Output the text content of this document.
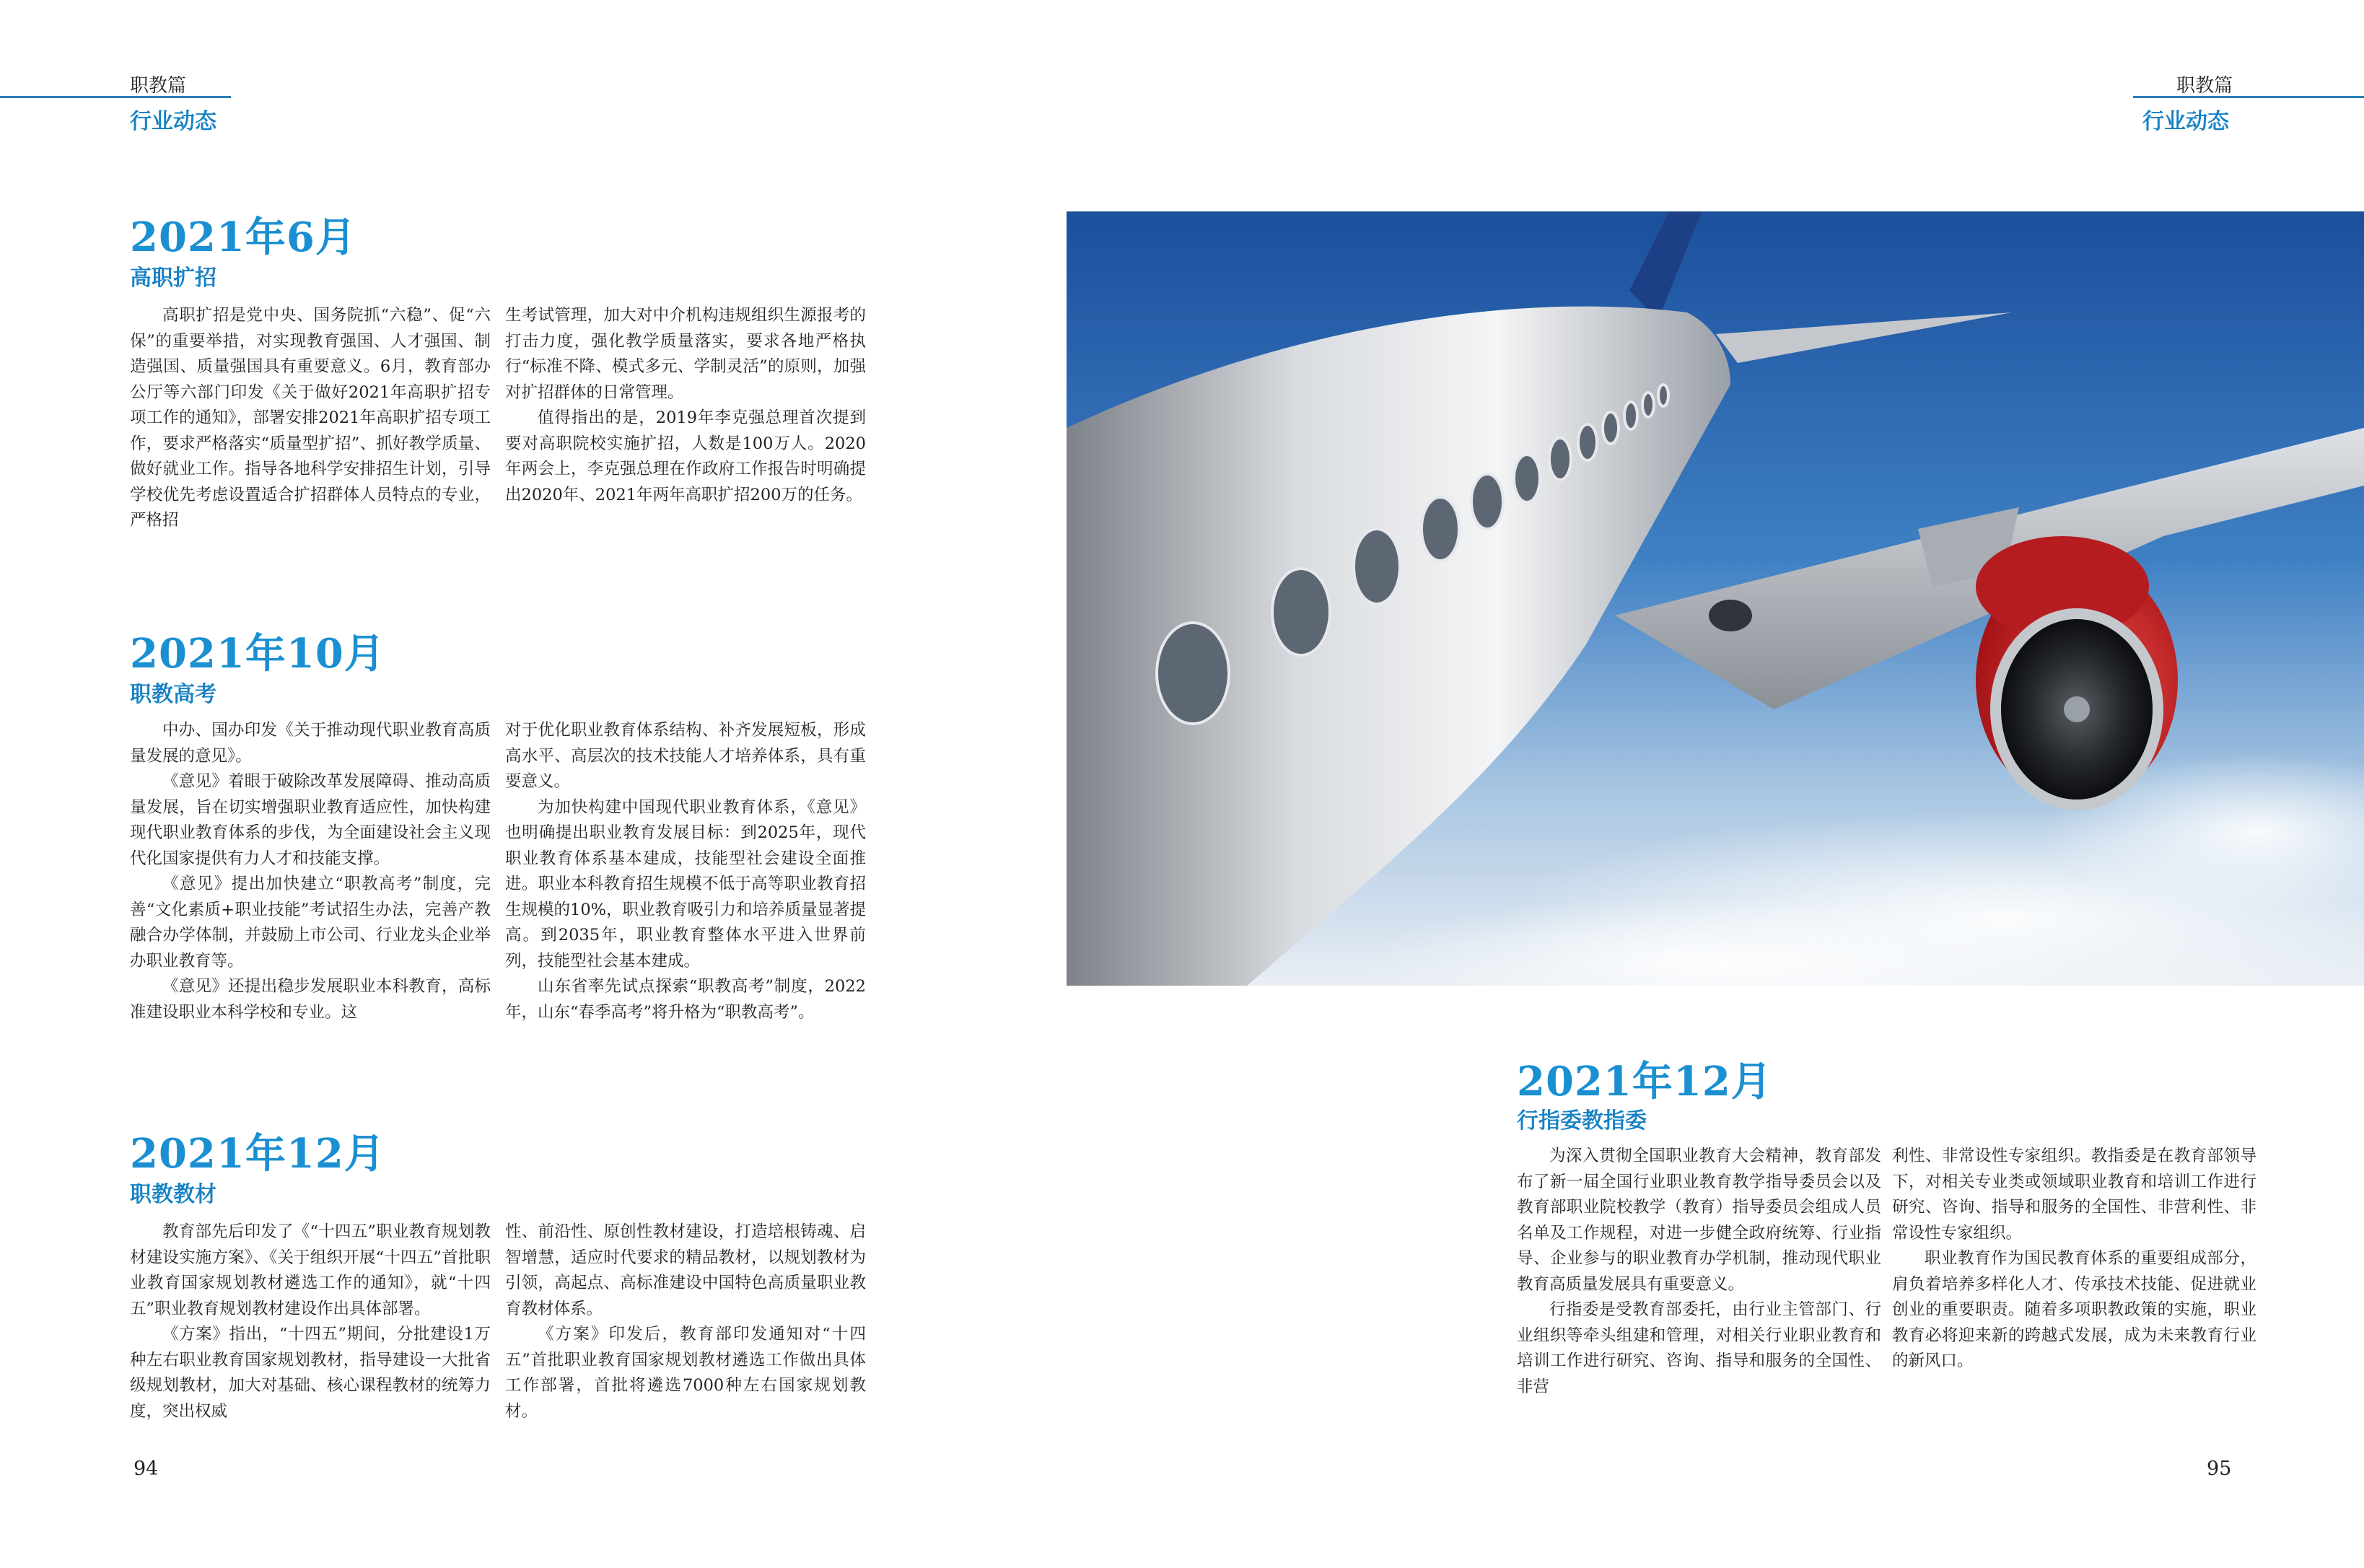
职教篇
行业动态
职教篇
行业动态
2021年6月
高职扩招

高职扩招是党中央、国务院抓“六稳”、促“六保”的重要举措，对实现教育强国、人才强国、制造强国、质量强国具有重要意义。6月，教育部办公厅等六部门印发《关于做好2021年高职扩招专项工作的通知》，部署安排2021年高职扩招专项工作，要求严格落实“质量型扩招”、抓好教学质量、做好就业工作。指导各地科学安排招生计划，引导学校优先考虑设置适合扩招群体人员特点的专业，严格招

生考试管理，加大对中介机构违规组织生源报考的打击力度，强化教学质量落实，要求各地严格执行“标准不降、模式多元、学制灵活”的原则，加强对扩招群体的日常管理。

值得指出的是，2019年李克强总理首次提到要对高职院校实施扩招，人数是100万人。2020年两会上，李克强总理在作政府工作报告时明确提出2020年、2021年两年高职扩招200万的任务。

2021年10月
职教高考

中办、国办印发《关于推动现代职业教育高质量发展的意见》。

《意见》着眼于破除改革发展障碍、推动高质量发展，旨在切实增强职业教育适应性，加快构建现代职业教育体系的步伐，为全面建设社会主义现代化国家提供有力人才和技能支撑。

《意见》提出加快建立“职教高考”制度，完善“文化素质+职业技能”考试招生办法，完善产教融合办学体制，并鼓励上市公司、行业龙头企业举办职业教育等。

《意见》还提出稳步发展职业本科教育，高标准建设职业本科学校和专业。这

对于优化职业教育体系结构、补齐发展短板，形成高水平、高层次的技术技能人才培养体系，具有重要意义。

为加快构建中国现代职业教育体系，《意见》也明确提出职业教育发展目标：到2025年，现代职业教育体系基本建成，技能型社会建设全面推进。职业本科教育招生规模不低于高等职业教育招生规模的10%，职业教育吸引力和培养质量显著提高。到2035年，职业教育整体水平进入世界前列，技能型社会基本建成。

山东省率先试点探索“职教高考”制度，2022年，山东“春季高考”将升格为“职教高考”。

2021年12月
职教教材

教育部先后印发了《“十四五”职业教育规划教材建设实施方案》、《关于组织开展“十四五”首批职业教育国家规划教材遴选工作的通知》，就“十四五”职业教育规划教材建设作出具体部署。

《方案》指出，“十四五”期间，分批建设1万种左右职业教育国家规划教材，指导建设一大批省级规划教材，加大对基础、核心课程教材的统筹力度，突出权威

性、前沿性、原创性教材建设，打造培根铸魂、启智增慧，适应时代要求的精品教材，以规划教材为引领，高起点、高标准建设中国特色高质量职业教育教材体系。

《方案》印发后，教育部印发通知对“十四五”首批职业教育国家规划教材遴选工作做出具体工作部署，首批将遴选7000种左右国家规划教材。

94
2021年12月
行指委教指委

为深入贯彻全国职业教育大会精神，教育部发布了新一届全国行业职业教育教学指导委员会以及教育部职业院校教学（教育）指导委员会组成人员名单及工作规程，对进一步健全政府统筹、行业指导、企业参与的职业教育办学机制，推动现代职业教育高质量发展具有重要意义。

行指委是受教育部委托，由行业主管部门、行业组织等牵头组建和管理，对相关行业职业教育和培训工作进行研究、咨询、指导和服务的全国性、非营

利性、非常设性专家组织。教指委是在教育部领导下，对相关专业类或领域职业教育和培训工作进行研究、咨询、指导和服务的全国性、非营利性、非常设性专家组织。

职业教育作为国民教育体系的重要组成部分，肩负着培养多样化人才、传承技术技能、促进就业创业的重要职责。随着多项职教政策的实施，职业教育必将迎来新的跨越式发展，成为未来教育行业的新风口。

95
